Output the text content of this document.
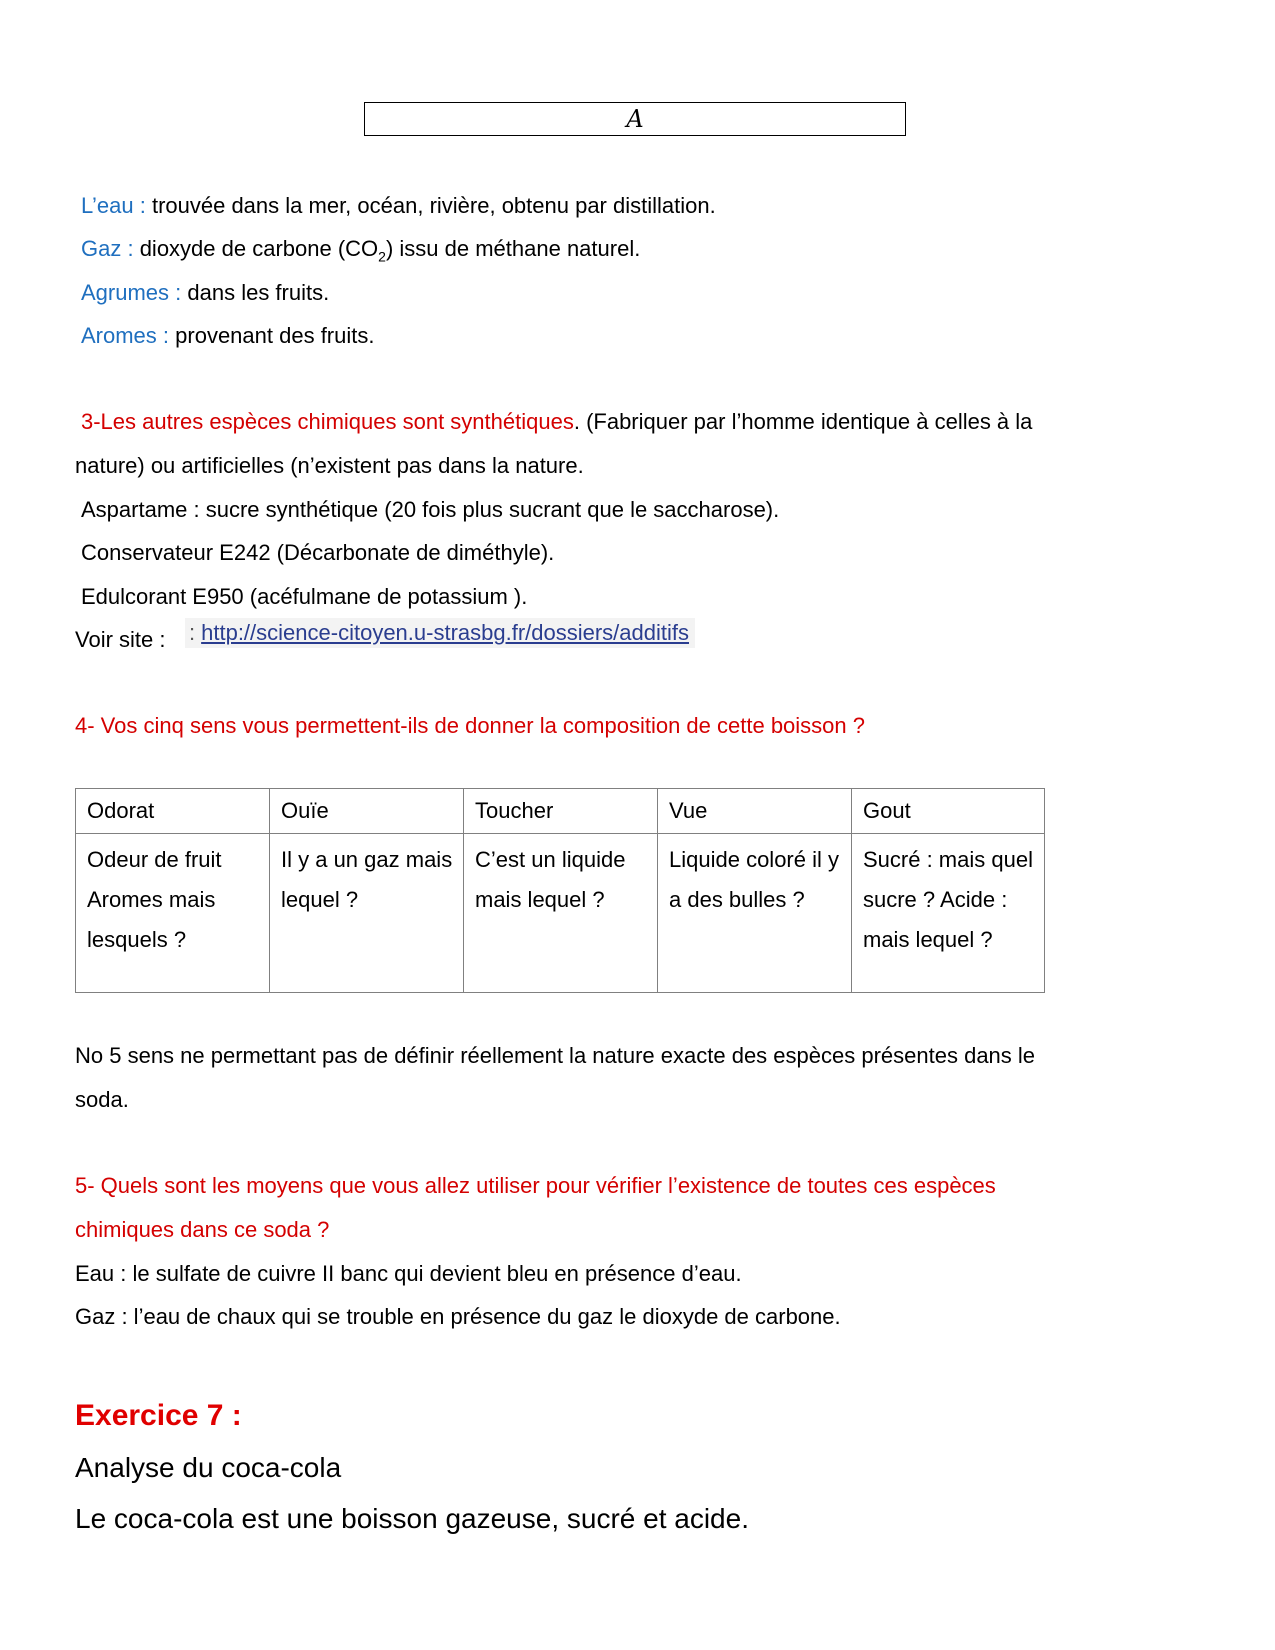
A
L’eau : trouvée dans la mer, océan, rivière, obtenu par distillation.
Gaz : dioxyde de carbone $(CO_2)$ issu de méthane naturel.
Agrumes : dans les fruits.
Aromes : provenant des fruits.
3-Les autres espèces chimiques sont synthétiques. (Fabriquer par l’homme identique à celles à la
nature) ou artificielles (n’existent pas dans la nature.
Aspartame : sucre synthétique (20 fois plus sucrant que le saccharose).
Conservateur E242 (Décarbonate de diméthyle).
Edulcorant E950 (acéfulmane de potassium ).
Voir site : : http://science-citoyen.u-strasbg.fr/dossiers/additifs
4- Vos cinq sens vous permettent-ils de donner la composition de cette boisson ?
Odorat	Ouïe	Toucher	Vue	Gout
Odeur de fruit Aromes mais lesquels ?	Il y a un gaz mais lequel ?	C’est un liquide mais lequel ?	Liquide coloré il y a des bulles ?	Sucré : mais quel sucre ? Acide : mais lequel ?
No 5 sens ne permettant pas de définir réellement la nature exacte des espèces présentes dans le
soda.
5- Quels sont les moyens que vous allez utiliser pour vérifier l’existence de toutes ces espèces
chimiques dans ce soda ?
Eau : le sulfate de cuivre II banc qui devient bleu en présence d’eau.
Gaz : l’eau de chaux qui se trouble en présence du gaz le dioxyde de carbone.
Exercice 7 :
Analyse du coca-cola
Le coca-cola est une boisson gazeuse, sucré et acide.
